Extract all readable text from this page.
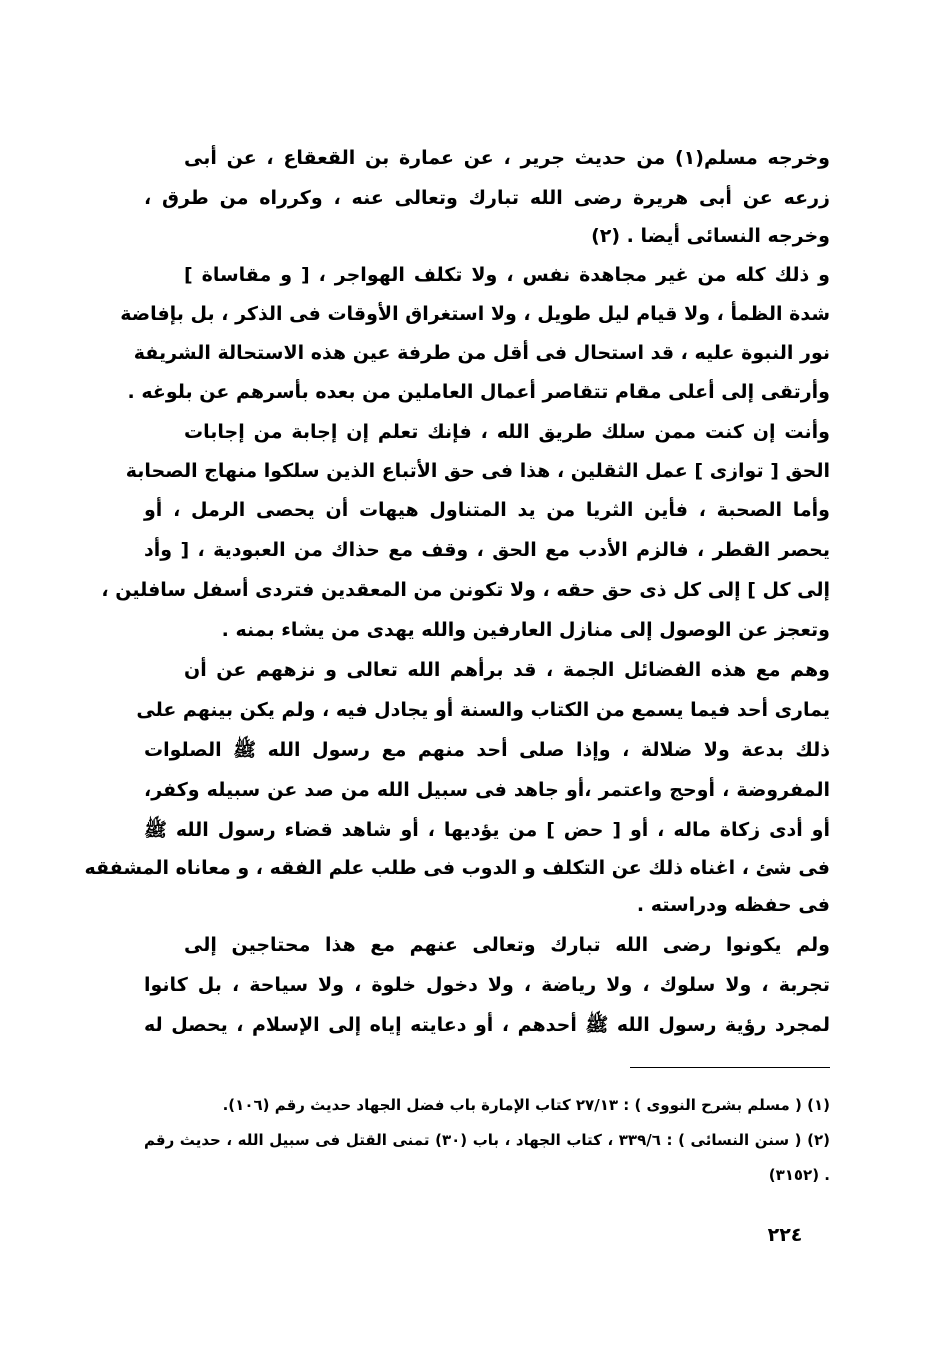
وخرجه مسلم(١) من حديث جرير ، عن عمارة بن القعقاع ، عن أبى
زرعه عن أبى هريرة رضى الله تبارك وتعالى عنه ، وكرراه من طرق ،
وخرجه النسائى أيضا . (٢)
و ذلك كله من غير مجاهدة نفس ، ولا تكلف الهواجر ، [ و مقاساة ]
شدة الظمأ ، ولا قيام ليل طويل ، ولا استغراق الأوقات فى الذكر ، بل بإفاضة
نور النبوة عليه ، قد استحال فى أقل من طرفة عين هذه الاستحالة الشريفة
وأرتقى إلى أعلى مقام تتقاصر أعمال العاملين من بعده بأسرهم عن بلوغه .
وأنت إن كنت ممن سلك طريق الله ، فإنك تعلم إن إجابة من إجابات
الحق [ توازى ] عمل الثقلين ، هذا فى حق الأتباع الذين سلكوا منهاج الصحابة
وأما الصحبة ، فأين الثريا من يد المتناول هيهات أن يحصى الرمل ، أو
يحصر القطر ، فالزم الأدب مع الحق ، وقف مع حذاك من العبودية ، [ وأد
إلى كل ] إلى كل ذى حق حقه ، ولا تكونن من المعقدين فتردى أسفل سافلين ،
وتعجز عن الوصول إلى منازل العارفين والله يهدى من يشاء بمنه .
وهم مع هذه الفضائل الجمة ، قد برأهم الله تعالى و نزههم عن أن
يمارى أحد فيما يسمع من الكتاب والسنة أو يجادل فيه ، ولم يكن بينهم على
ذلك بدعة ولا ضلالة ، وإذا صلى أحد منهم مع رسول الله ﷺ الصلوات
المفروضة ، أوحج واعتمر ،أو جاهد فى سبيل الله من صد عن سبيله وكفر،
أو أدى زكاة ماله ، أو [ حض ] من يؤديها ، أو شاهد قضاء رسول الله ﷺ
فى شئ ، اغناه ذلك عن التكلف و الدوب فى طلب علم الفقه ، و معاناه المشفقه
فى حفظه ودراسته .
ولم يكونوا رضى الله تبارك وتعالى عنهم مع هذا محتاجين إلى
تجربة ، ولا سلوك ، ولا رياضة ، ولا دخول خلوة ، ولا سياحة ، بل كانوا
لمجرد رؤية رسول الله ﷺ أحدهم ، أو دعايته إياه إلى الإسلام ، يحصل له
(١) ( مسلم بشرح النووى ) : ٢٧/١٣ كتاب الإمارة باب فضل الجهاد حديث رقم (١٠٦).
(٢) ( سنن النسائى ) : ٣٣٩/٦ ، كتاب الجهاد ، باب (٣٠) تمنى القتل فى سبيل الله ، حديث رقم
. (٣١٥٢)
٢٢٤
